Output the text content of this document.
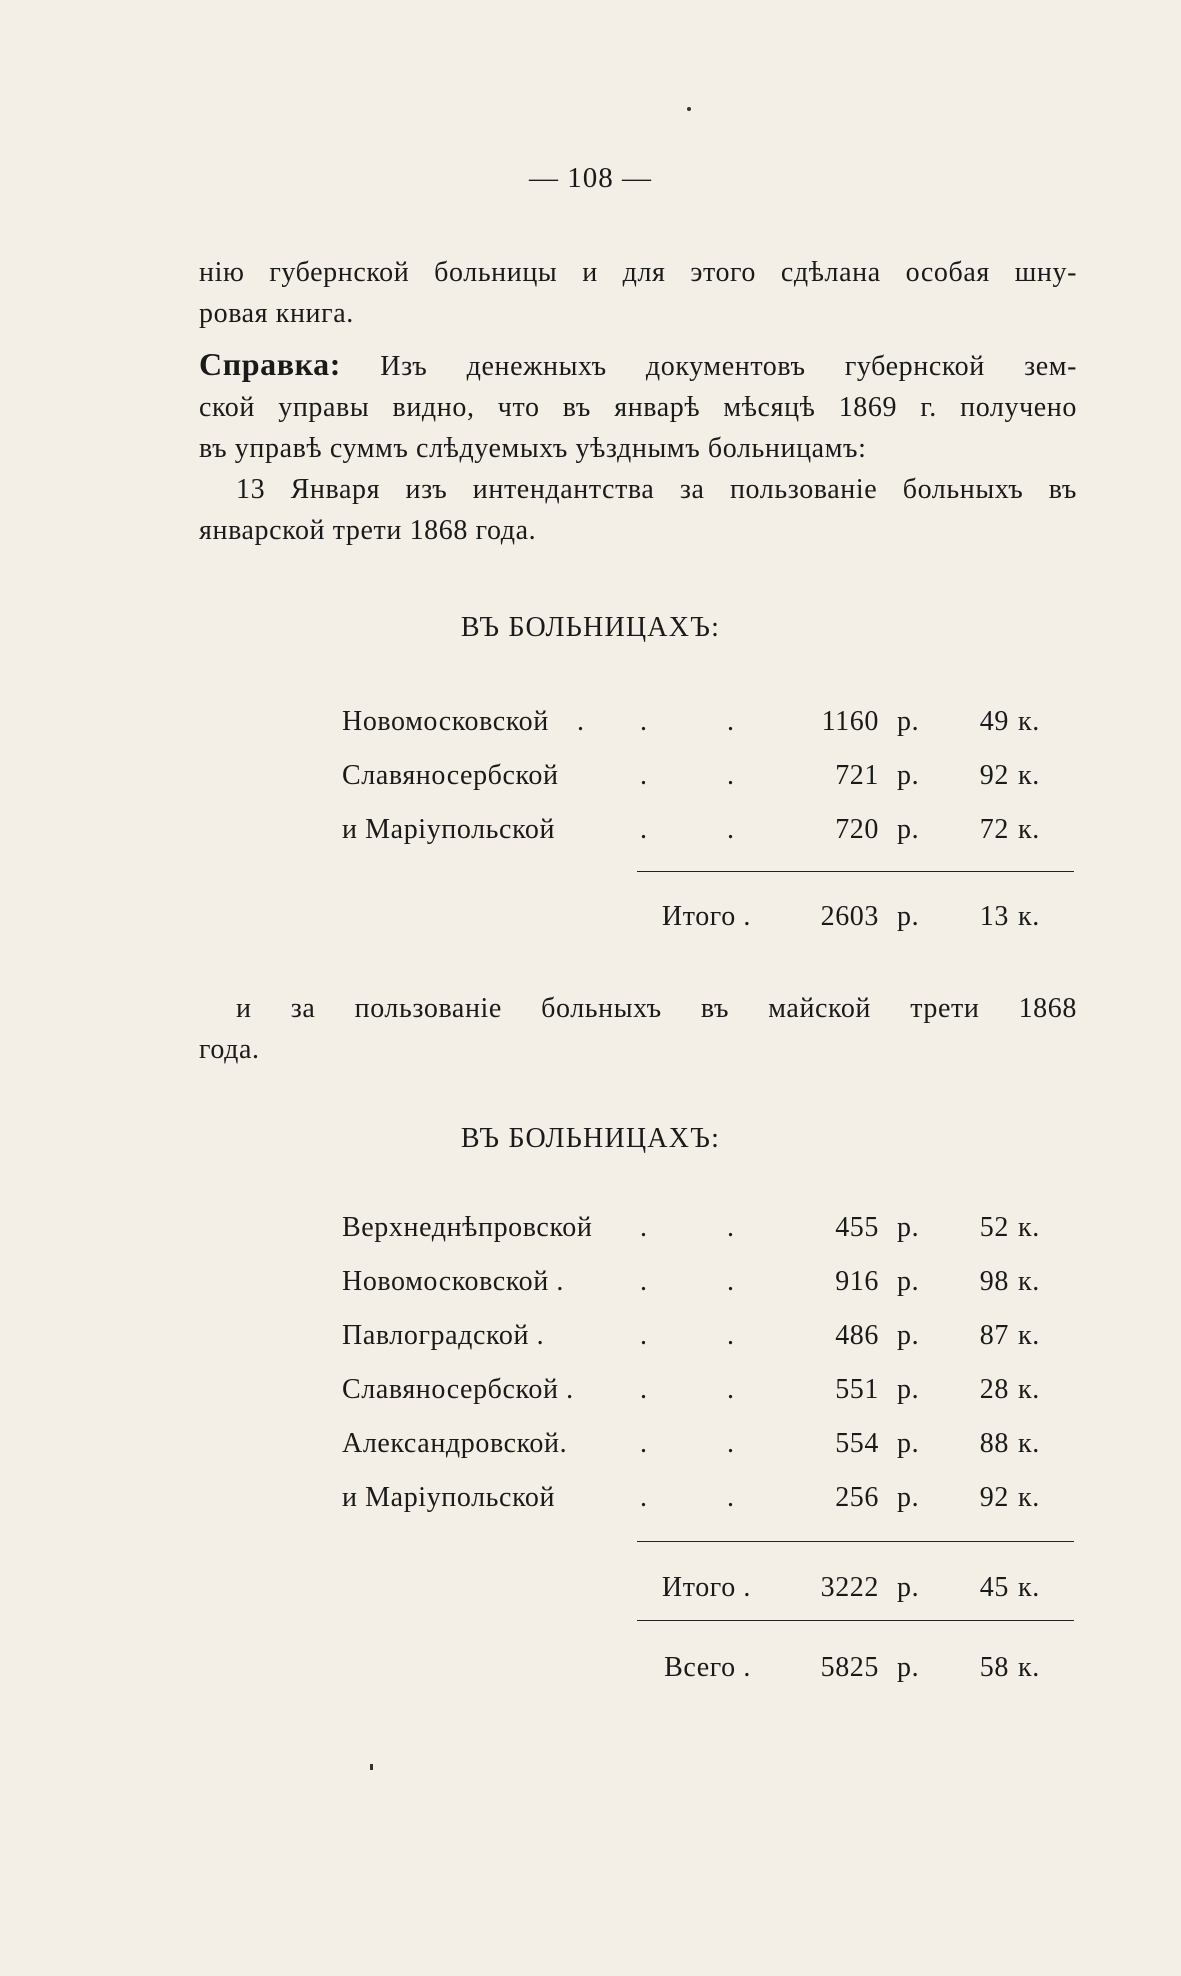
— 108 —
нію губернской больницы и для этого сдѣлана особая шну-
ровая книга.
Справка: Изъ денежныхъ документовъ губернской зем-
ской управы видно, что въ январѣ мѣсяцѣ 1869 г. получено
въ управѣ суммъ слѣдуемыхъ уѣзднымъ больницамъ:
13 Января изъ интендантства за пользованіе больныхъ въ
январской трети 1868 года.
ВЪ БОЛЬНИЦАХЪ:
Новомосковской . .	.	1160 р. 49 к.
Славяносербской	.	.	721 р. 92 к.
и Маріупольской	.	.	720 р. 72 к.
Итого . 2603 р. 13 к.
и за пользованіе больныхъ въ майской трети 1868
года.
ВЪ БОЛЬНИЦАХЪ:
Верхнеднѣпровской .	.	455 р. 52 к.
Новомосковской .	.	.	916 р. 98 к.
Павлоградской .	.	.	486 р. 87 к.
Славяносербской . .	.	551 р. 28 к.
Александровской.	.	.	554 р. 88 к.
и Маріупольской	.	.	256 р. 92 к.
Итого . 3222 р. 45 к.
Всего . 5825 р. 58 к.
